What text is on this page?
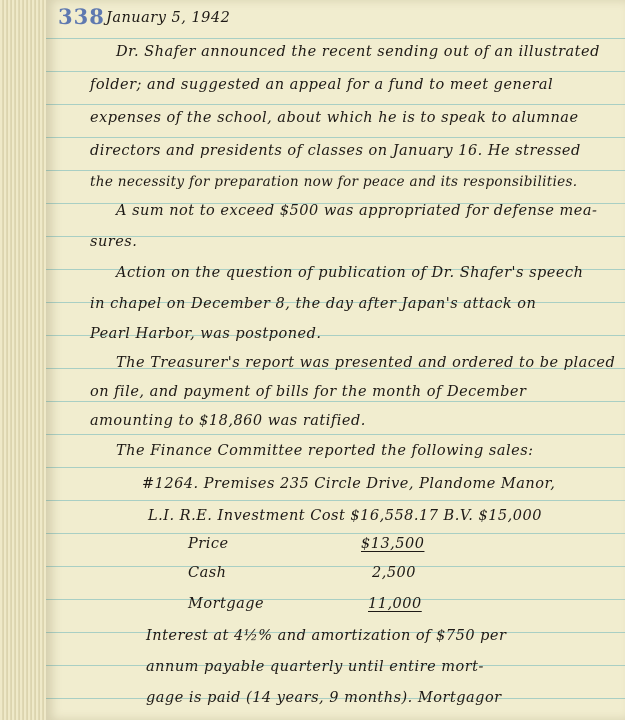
338 January 5, 1942
Dr. Shafer announced the recent sending out of an illustrated
folder; and suggested an appeal for a fund to meet general
expenses of the school, about which he is to speak to alumnae
directors and presidents of classes on January 16. He stressed
the necessity for preparation now for peace and its responsibilities.
A sum not to exceed $500 was appropriated for defense mea-
sures.
Action on the question of publication of Dr. Shafer's speech
in chapel on December 8, the day after Japan's attack on
Pearl Harbor, was postponed.
The Treasurer's report was presented and ordered to be placed
on file, and payment of bills for the month of December
amounting to $18,860 was ratified.
The Finance Committee reported the following sales:
#1264. Premises 235 Circle Drive, Plandome Manor,
L.I. R.E. Investment Cost $16,558.17 B.V. $15,000
Price	$13,500
Cash	2,500
Mortgage	11,000
Interest at 4½% and amortization of $750 per
annum payable quarterly until entire mort-
gage is paid (14 years, 9 months). Mortgagor
